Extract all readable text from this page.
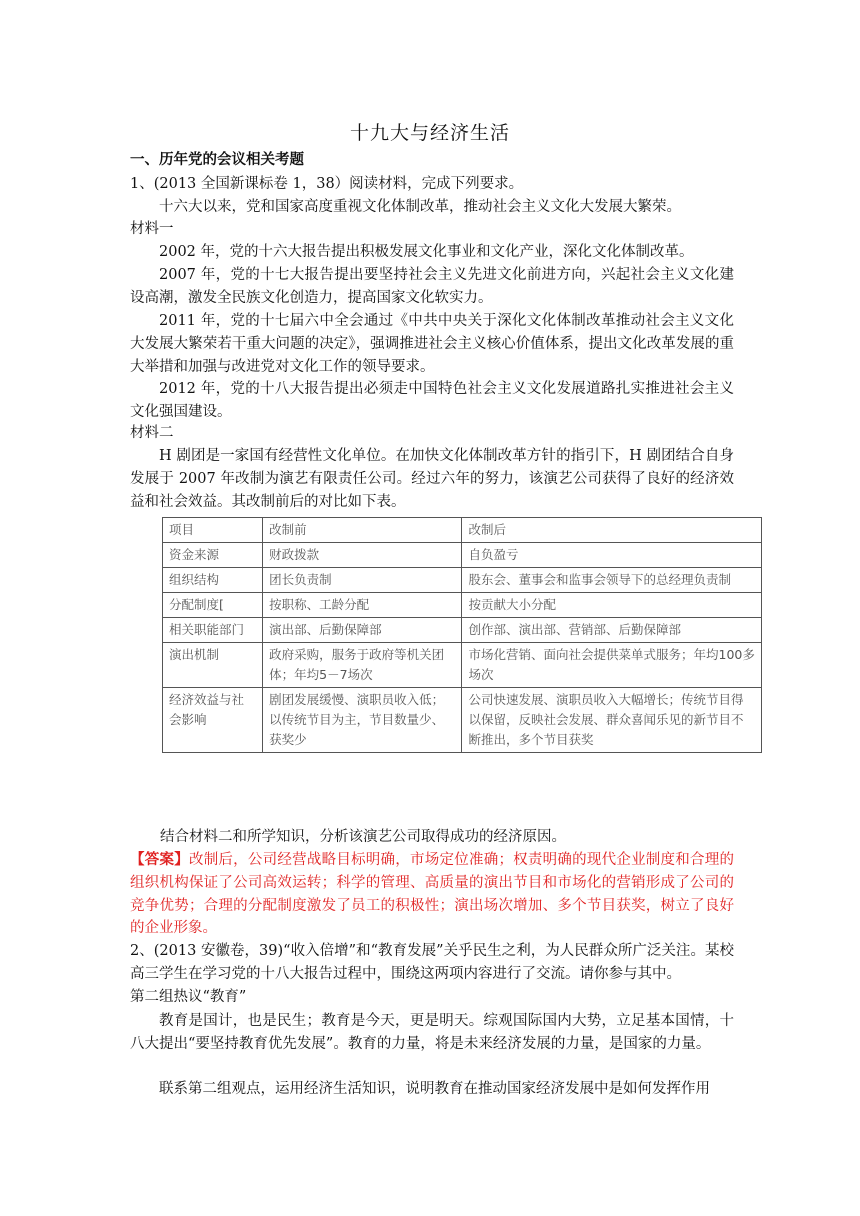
十九大与经济生活
一、历年党的会议相关考题
1、(2013 全国新课标卷 1，38）阅读材料，完成下列要求。
十六大以来，党和国家高度重视文化体制改革，推动社会主义文化大发展大繁荣。
材料一
2002 年，党的十六大报告提出积极发展文化事业和文化产业，深化文化体制改革。
2007 年，党的十七大报告提出要坚持社会主义先进文化前进方向，兴起社会主义文化建设高潮，激发全民族文化创造力，提高国家文化软实力。
2011 年，党的十七届六中全会通过《中共中央关于深化文化体制改革推动社会主义文化大发展大繁荣若干重大问题的决定》，强调推进社会主义核心价值体系，提出文化改革发展的重大举措和加强与改进党对文化工作的领导要求。
2012 年，党的十八大报告提出必须走中国特色社会主义文化发展道路扎实推进社会主义文化强国建设。
材料二
H 剧团是一家国有经营性文化单位。在加快文化体制改革方针的指引下，H 剧团结合自身发展于 2007 年改制为演艺有限责任公司。经过六年的努力，该演艺公司获得了良好的经济效益和社会效益。其改制前后的对比如下表。
项目	改制前	改制后
资金来源	财政拨款	自负盈亏
组织结构	团长负责制	股东会、董事会和监事会领导下的总经理负责制
分配制度[	按职称、工龄分配	按贡献大小分配
相关职能部门	演出部、后勤保障部	创作部、演出部、营销部、后勤保障部
演出机制	政府采购，服务于政府等机关团体；年均5－7场次	市场化营销、面向社会提供菜单式服务；年均100多场次
经济效益与社会影响	剧团发展缓慢、演职员收入低；以传统节目为主，节目数量少、获奖少	公司快速发展、演职员收入大幅增长；传统节目得以保留，反映社会发展、群众喜闻乐见的新节目不断推出，多个节目获奖
结合材料二和所学知识，分析该演艺公司取得成功的经济原因。
【答案】改制后，公司经营战略目标明确，市场定位准确；权责明确的现代企业制度和合理的组织机构保证了公司高效运转；科学的管理、高质量的演出节目和市场化的营销形成了公司的竞争优势；合理的分配制度激发了员工的积极性；演出场次增加、多个节目获奖，树立了良好的企业形象。
2、(2013 安徽卷，39)“收入倍增”和“教育发展”关乎民生之利，为人民群众所广泛关注。某校高三学生在学习党的十八大报告过程中，围绕这两项内容进行了交流。请你参与其中。
第二组热议“教育”
教育是国计，也是民生；教育是今天，更是明天。综观国际国内大势，立足基本国情，十八大提出“要坚持教育优先发展”。教育的力量，将是未来经济发展的力量，是国家的力量。
联系第二组观点，运用经济生活知识，说明教育在推动国家经济发展中是如何发挥作用
